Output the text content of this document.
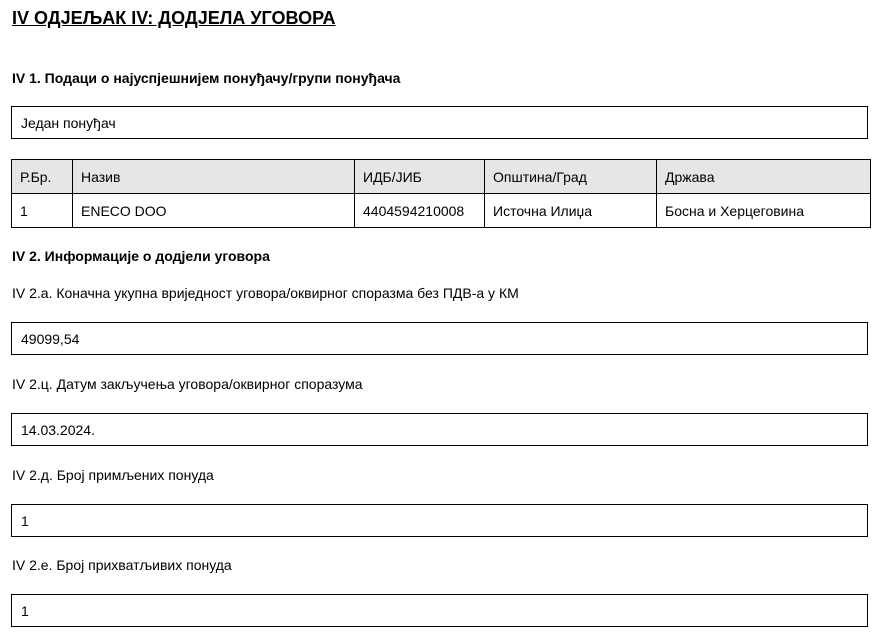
IV ОДЈЕЉАК IV: ДОДЈЕЛА УГОВОРА
IV 1. Подаци о најуспјешнијем понуђачу/групи понуђача
Један понуђач
Р.Бр.	Назив	ИДБ/ЈИБ	Општина/Град	Држава
1	ENECO DOO	4404594210008	Источна Илиџа	Босна и Херцеговина
IV 2. Информације о додјели уговора

IV 2.а. Коначна укупна вриједност уговора/оквирног споразма без ПДВ-а у КМ

49099,54

IV 2.ц. Датум закључења уговора/оквирног споразума

14.03.2024.

IV 2.д. Број примљених понуда

1

IV 2.е. Број прихватљивих понуда

1
